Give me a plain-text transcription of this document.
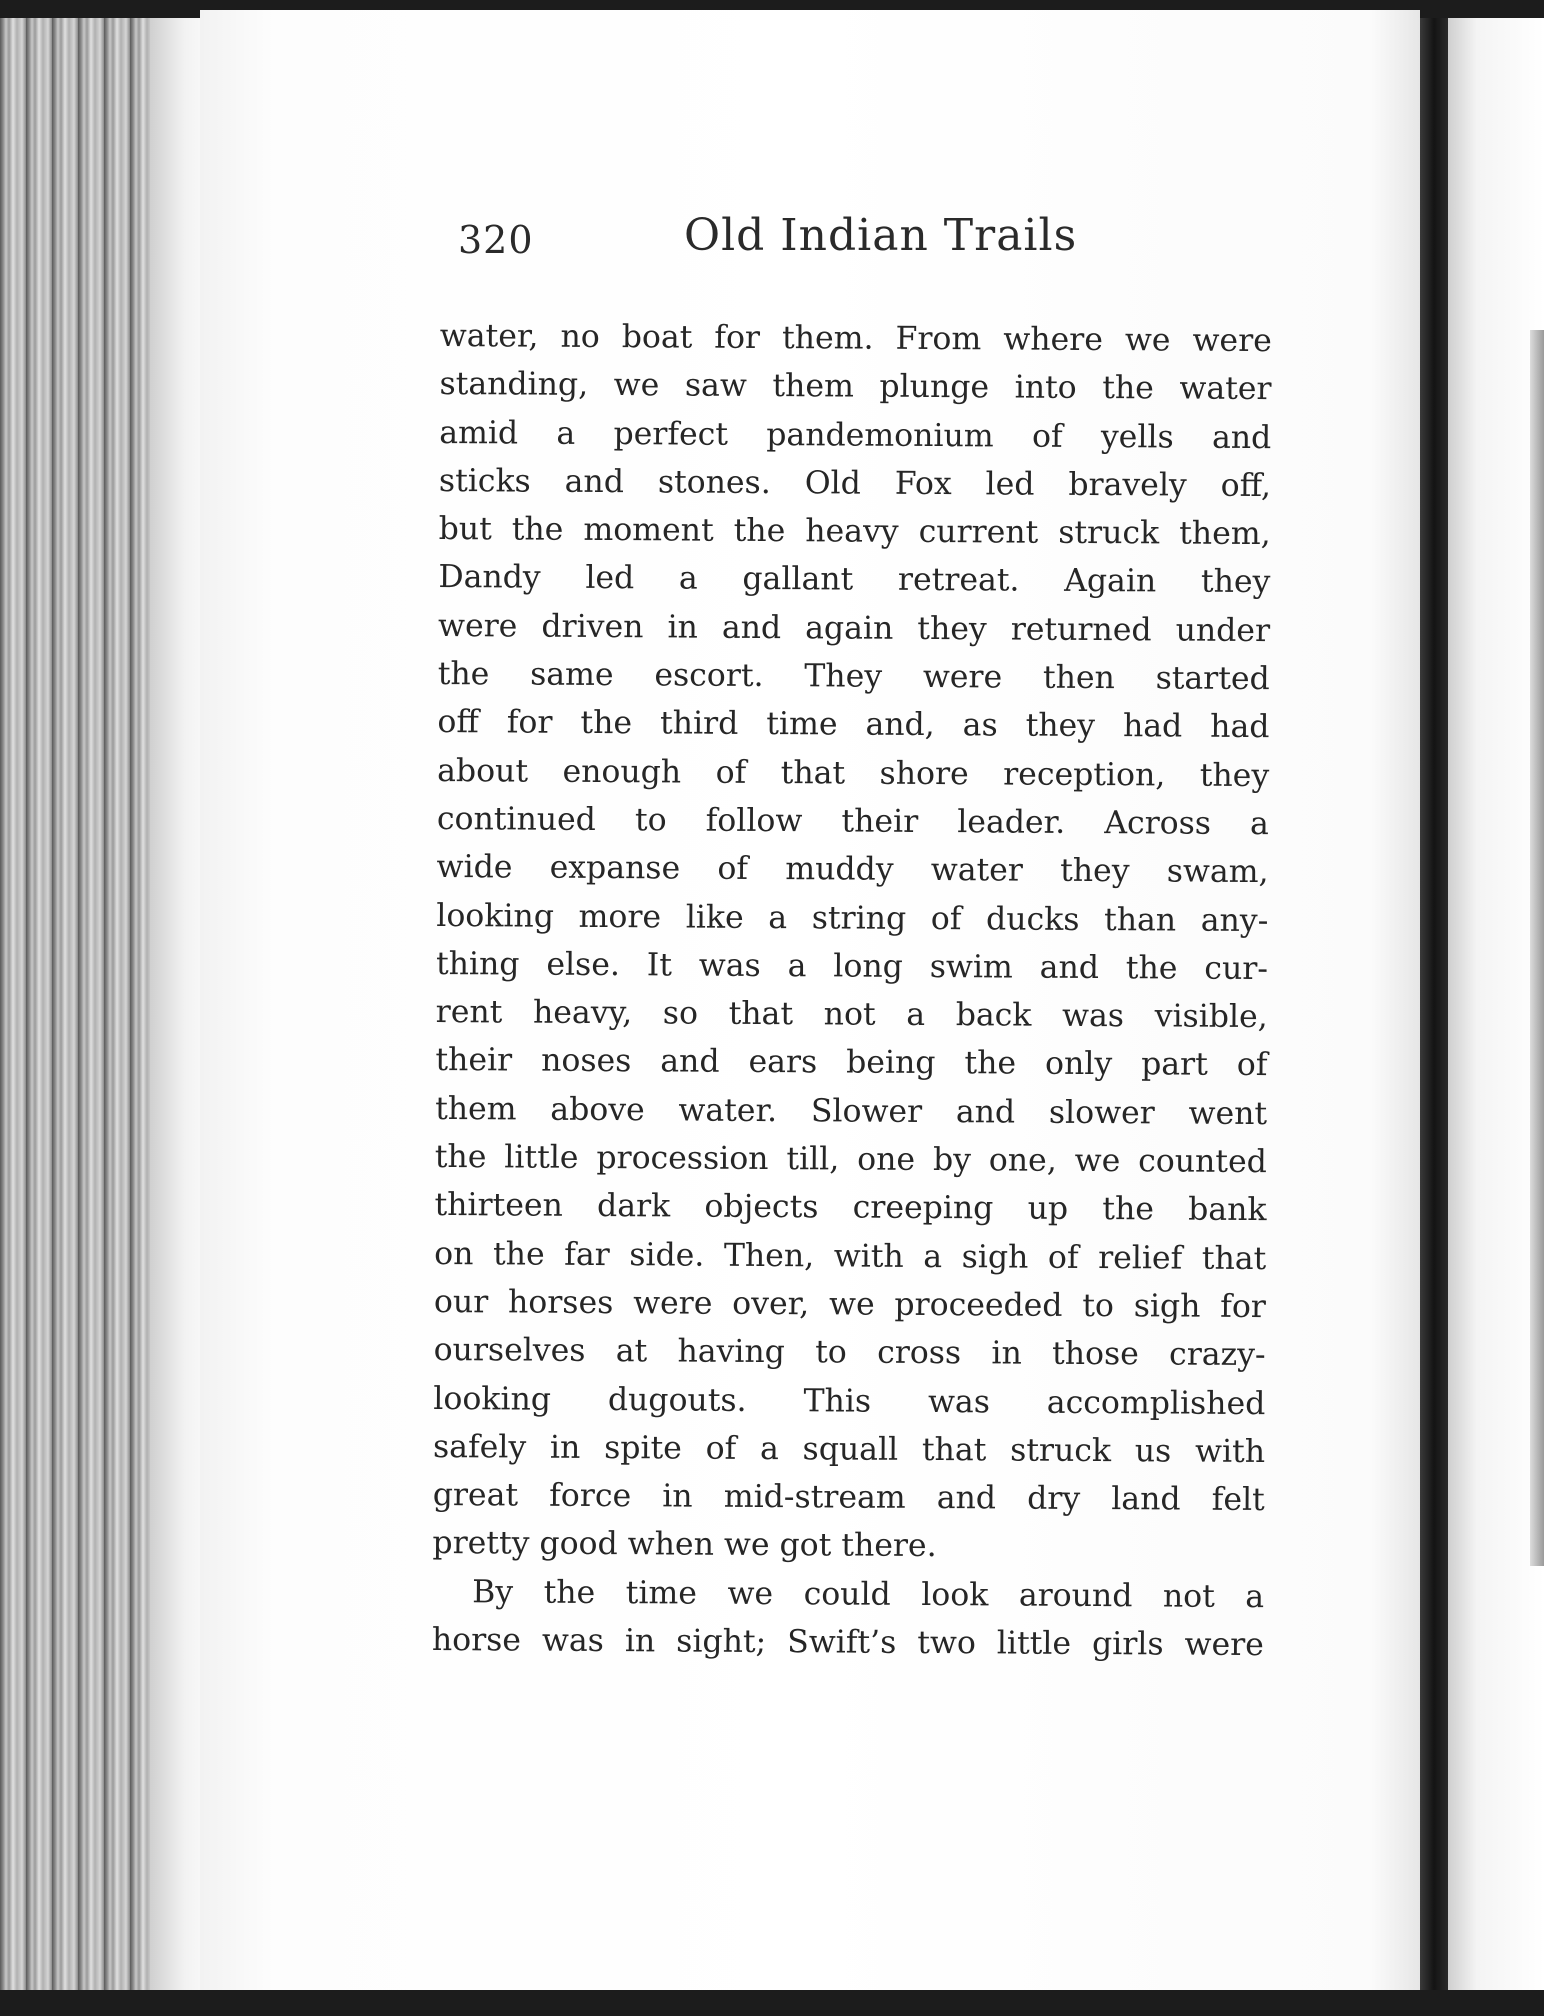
320	Old Indian Trails
water, no boat for them. From where we were
standing, we saw them plunge into the water
amid a perfect pandemonium of yells and
sticks and stones. Old Fox led bravely off,
but the moment the heavy current struck them,
Dandy led a gallant retreat. Again they
were driven in and again they returned under
the same escort. They were then started
off for the third time and, as they had had
about enough of that shore reception, they
continued to follow their leader. Across a
wide expanse of muddy water they swam,
looking more like a string of ducks than any-
thing else. It was a long swim and the cur-
rent heavy, so that not a back was visible,
their noses and ears being the only part of
them above water. Slower and slower went
the little procession till, one by one, we counted
thirteen dark objects creeping up the bank
on the far side. Then, with a sigh of relief that
our horses were over, we proceeded to sigh for
ourselves at having to cross in those crazy-
looking dugouts. This was accomplished
safely in spite of a squall that struck us with
great force in mid-stream and dry land felt
pretty good when we got there.
By the time we could look around not a
horse was in sight; Swift’s two little girls were
